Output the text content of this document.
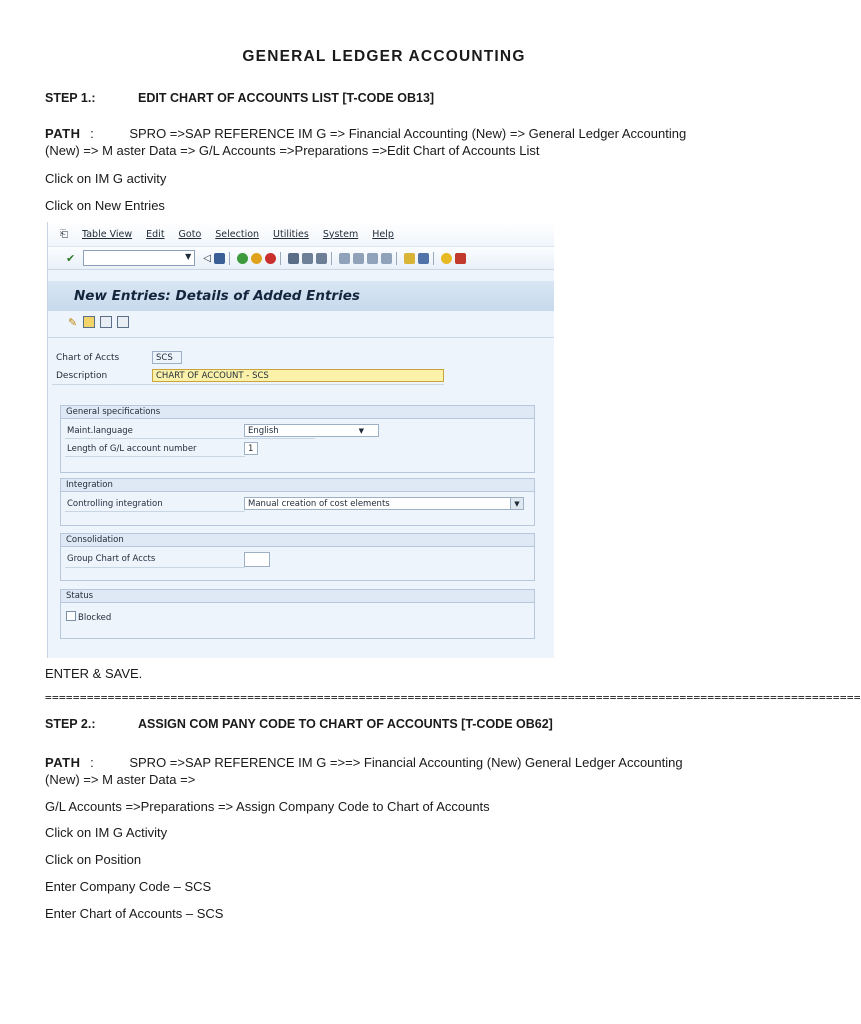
GENERAL LEDGER ACCOUNTING
STEP 1.:	EDIT CHART OF ACCOUNTS LIST [T-CODE OB13]
PATH :	SPRO =>SAP REFERENCE IM G => Financial Accounting (New) => General Ledger Accounting
(New) => M aster Data => G/L Accounts =>Preparations =>Edit Chart of Accounts List
Click on IM G activity
Click on New Entries
ENTER & SAVE.
=====================================================================================================================
STEP 2.:	ASSIGN COM PANY CODE TO CHART OF ACCOUNTS [T-CODE OB62]
PATH :	SPRO =>SAP REFERENCE IM G =>=> Financial Accounting (New) General Ledger Accounting
(New) => M aster Data =>
G/L Accounts =>Preparations => Assign Company Code to Chart of Accounts
Click on IM G Activity
Click on Position
Enter Company Code – SCS
Enter Chart of Accounts – SCS
⎗ Table View Edit Goto Selection Utilities System Help
✔	▼ ◁
New Entries: Details of Added Entries
✎
Chart of Accts	SCS
Description	CHART OF ACCOUNT - SCS
General specifications
Maint.language	English	▼
Length of G/L account number	1
Integration
Controlling integration	Manual creation of cost elements	▼
Consolidation
Group Chart of Accts
Status
Blocked
